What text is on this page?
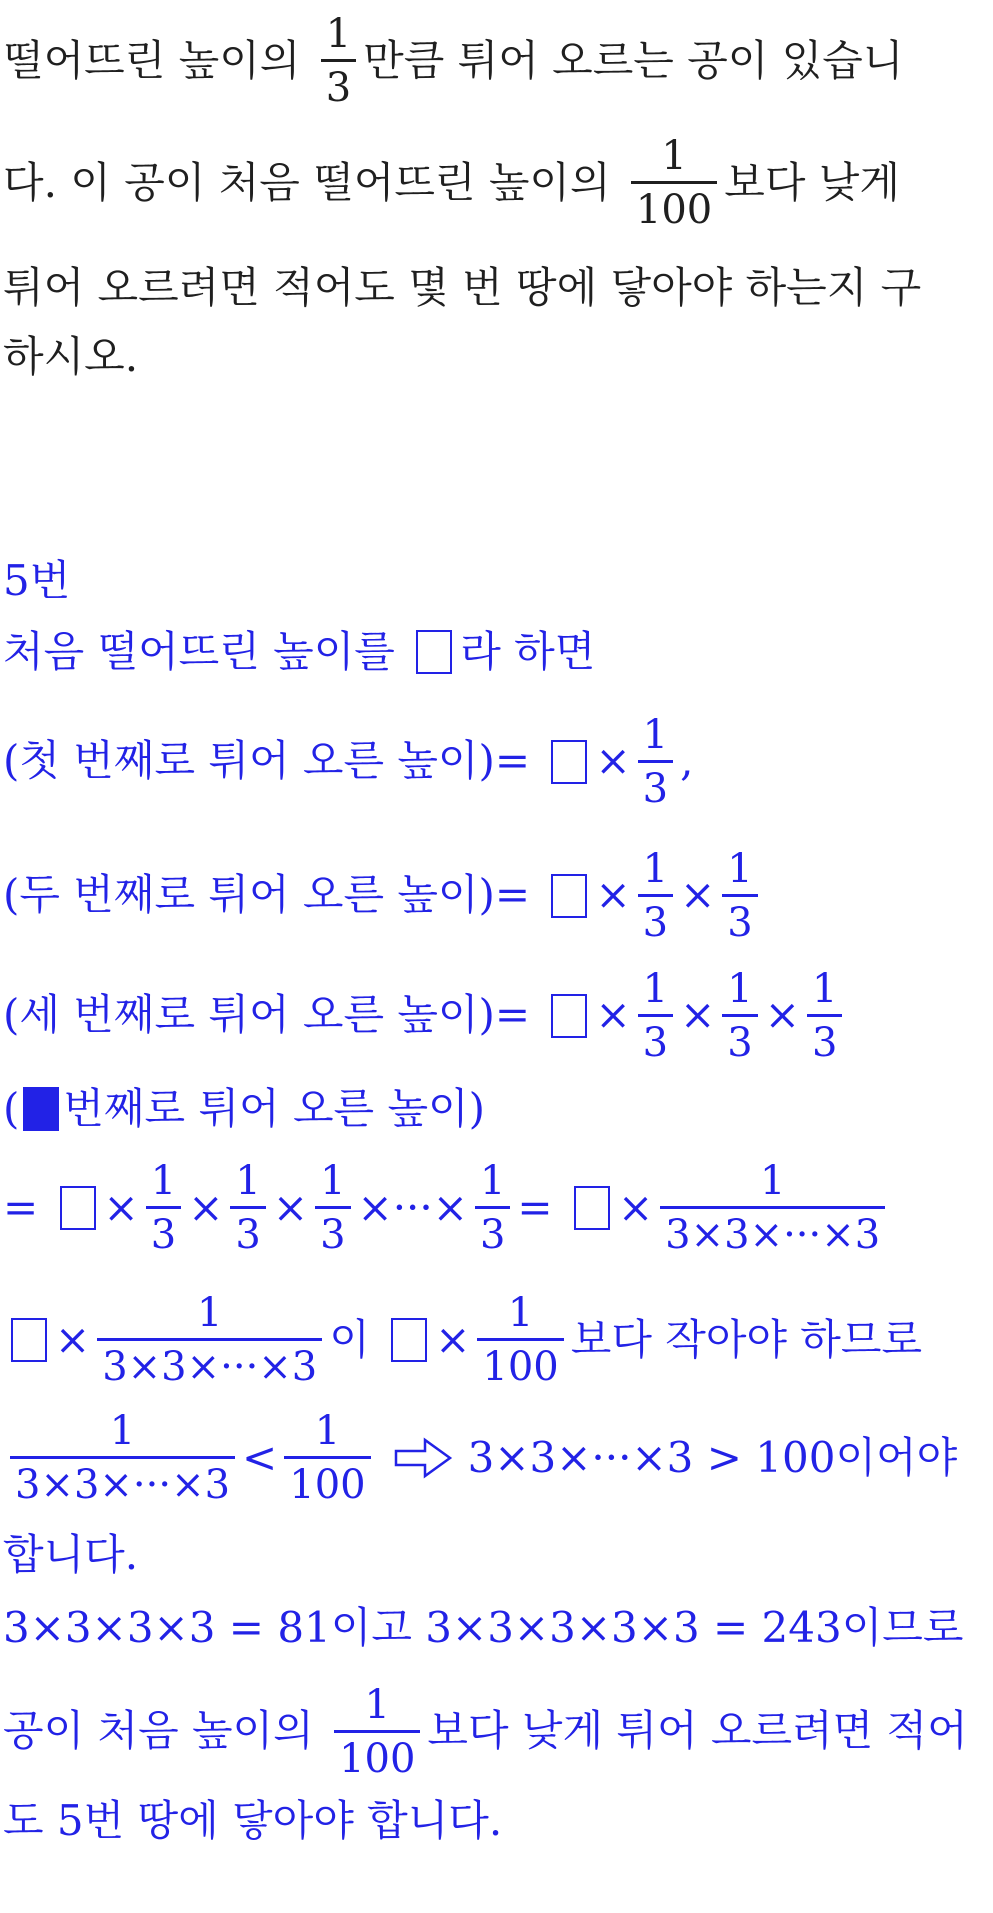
떨어뜨린 높이의 $\frac{1}{3}$ 만큼 튀어 오르는 공이 있습니
다. 이 공이 처음 떨어뜨린 높이의 $\frac{1}{100}$ 보다 낮게
튀어 오르려면 적어도 몇 번 땅에 닿아야 하는지 구
하시오.
5번
처음 떨어뜨린 높이를 라 하면
(첫 번째로 튀어 오른 높이)= × $\frac{1}{3}$ ,
(두 번째로 튀어 오른 높이)= × $\frac{1}{3} \times \frac{1}{3}$
(세 번째로 튀어 오른 높이)= × $\frac{1}{3} \times \frac{1}{3} \times \frac{1}{3}$
( 번째로 튀어 오른 높이)
= × $\frac{1}{3} \times \frac{1}{3} \times \frac{1}{3}$ ×···× $\frac{1}{3}$ = × $\frac{1}{3\times 3\times\cdot\cdot\cdot\times 3}$
× $\frac{1}{3\times 3\times\cdot\cdot\cdot\times 3}$ 이 × $\frac{1}{100}$ 보다 작아야 하므로
$\frac{1}{3\times 3\times\cdot\cdot\cdot\times 3} < \frac{1}{100} 3\times 3\times\cdot\cdot\cdot\times 3 > 100$이어야
합니다.
3×3×3×3 = 81이고 3×3×3×3×3 = 243이므로
공이 처음 높이의 $\frac{1}{100}$ 보다 낮게 튀어 오르려면 적어
도 5번 땅에 닿아야 합니다.
